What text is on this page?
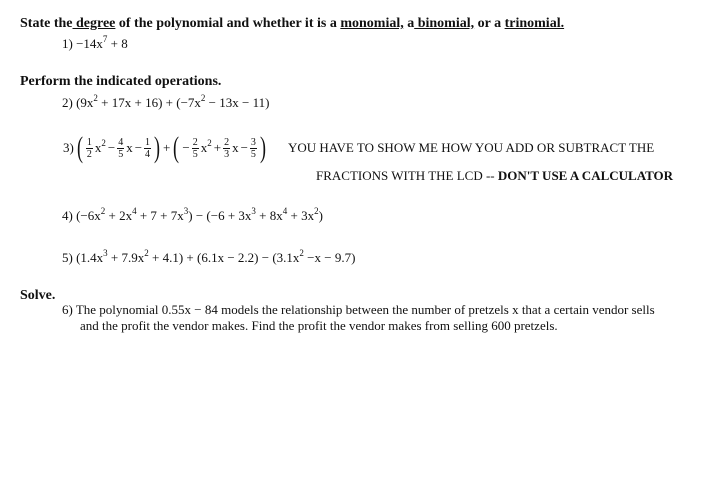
State the degree of the polynomial and whether it is a monomial, a binomial, or a trinomial.
$1) -14x^7 + 8$
Perform the indicated operations.
2) $(9x^2 + 17x + 16) + (-7x^2 - 13x - 11)$
3) ( $\frac{1}{2} x^2 - \frac{4}{5}$ $x - \frac{1}{4}$ ) + ( − $\frac{2}{5} x^2 + \frac{2}{3}$ $x - \frac{3}{5}$ ) YOU HAVE TO SHOW ME HOW YOU ADD OR SUBTRACT THE
FRACTIONS WITH THE LCD -- DON'T USE A CALCULATOR
4) $(-6x^2 + 2x^4 + 7 + 7x^3) - (-6 + 3x^3 + 8x^4 + 3x^2)$
5) $(1.4x^3 + 7.9x^2 + 4.1) + (6.1x - 2.2) - (3.1x^2 -x - 9.7)$
Solve.
6) The polynomial 0.55x − 84 models the relationship between the number of pretzels x that a certain vendor sells
and the profit the vendor makes. Find the profit the vendor makes from selling 600 pretzels.
